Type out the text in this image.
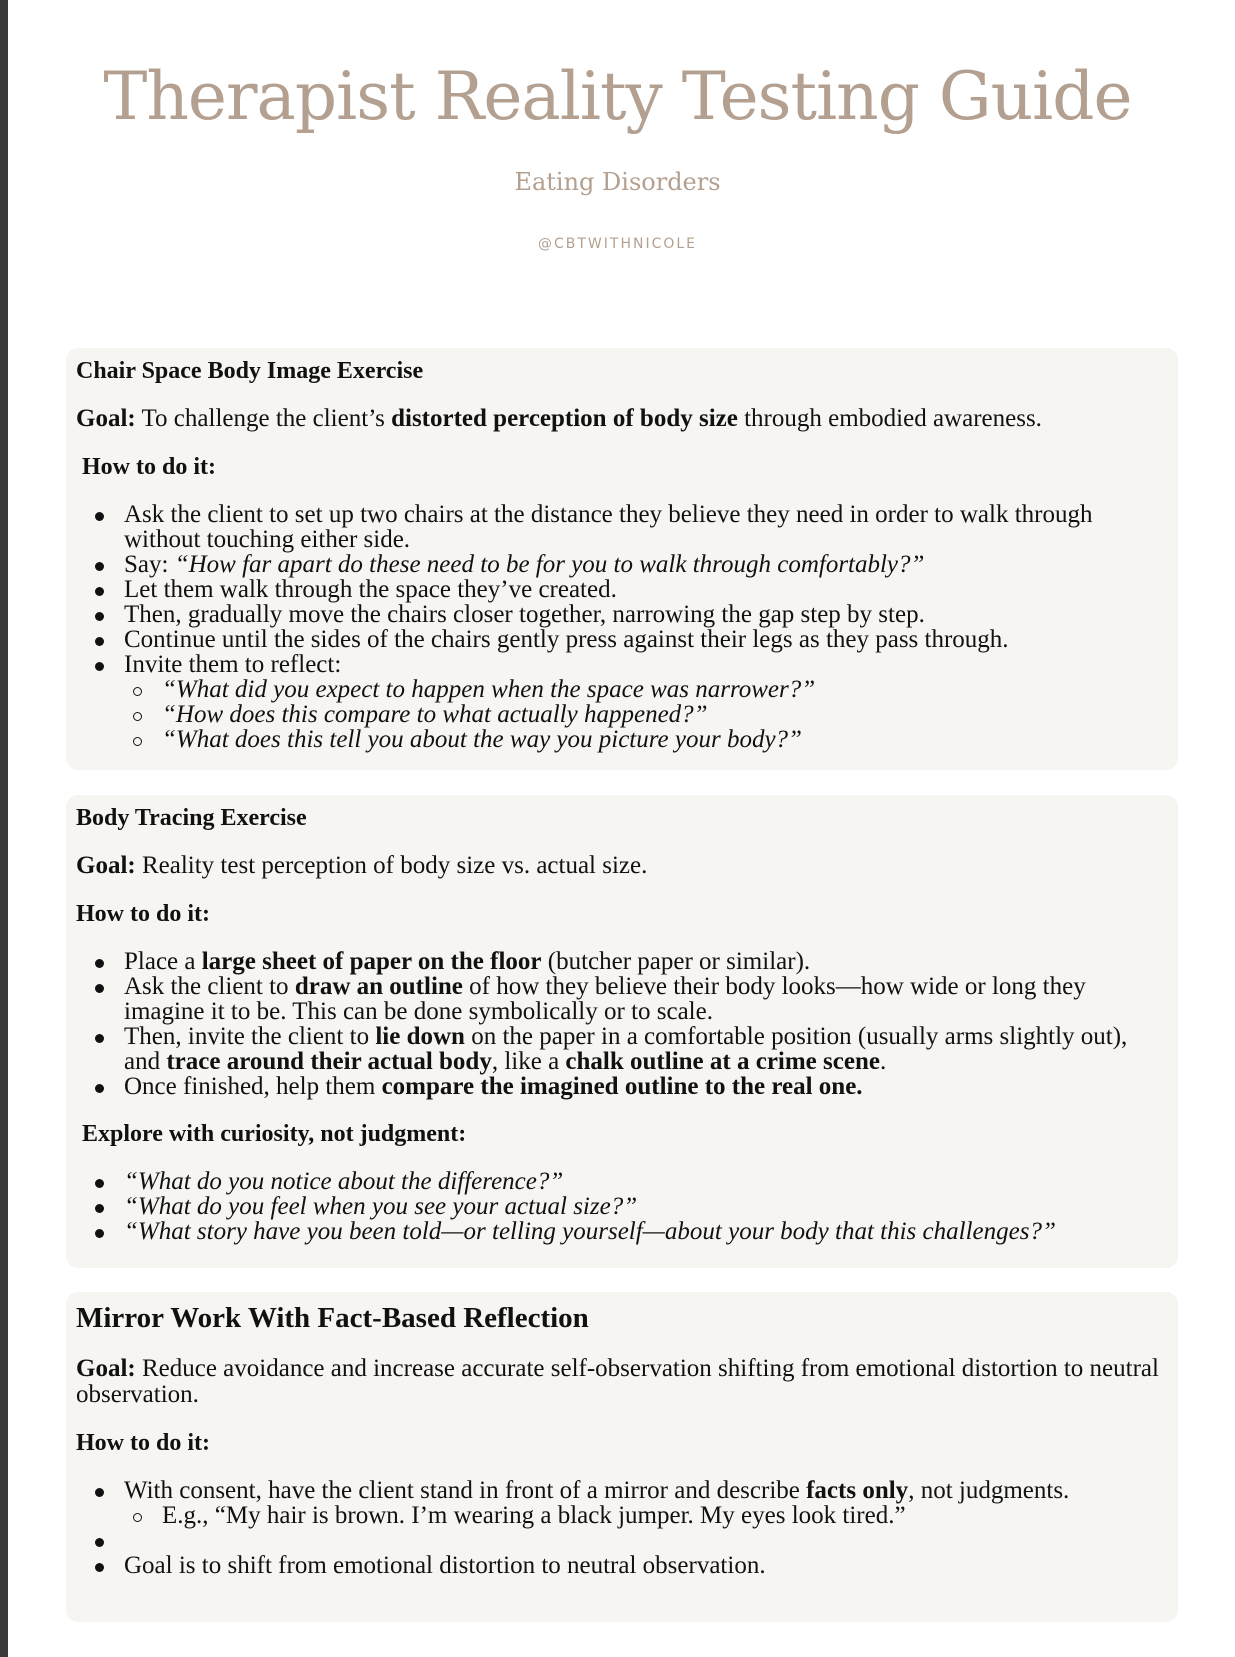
Therapist Reality Testing Guide
Eating Disorders
@CBTWITHNICOLE
Chair Space Body Image Exercise

Goal: To challenge the client’s distorted perception of body size through embodied awareness.

How to do it:

Ask the client to set up two chairs at the distance they believe they need in order to walk through without touching either side.
Say: “How far apart do these need to be for you to walk through comfortably?”
Let them walk through the space they’ve created.
Then, gradually move the chairs closer together, narrowing the gap step by step.
Continue until the sides of the chairs gently press against their legs as they pass through.
Invite them to reflect:
“What did you expect to happen when the space was narrower?”
“How does this compare to what actually happened?”
“What does this tell you about the way you picture your body?”
Body Tracing Exercise

Goal: Reality test perception of body size vs. actual size.

How to do it:

Place a large sheet of paper on the floor (butcher paper or similar).
Ask the client to draw an outline of how they believe their body looks—how wide or long they imagine it to be. This can be done symbolically or to scale.
Then, invite the client to lie down on the paper in a comfortable position (usually arms slightly out), and trace around their actual body, like a chalk outline at a crime scene.
Once finished, help them compare the imagined outline to the real one.

Explore with curiosity, not judgment:

“What do you notice about the difference?”
“What do you feel when you see your actual size?”
“What story have you been told—or telling yourself—about your body that this challenges?”
Mirror Work With Fact-Based Reflection

Goal: Reduce avoidance and increase accurate self-observation shifting from emotional distortion to neutral observation.

How to do it:

With consent, have the client stand in front of a mirror and describe facts only, not judgments.
E.g., “My hair is brown. I’m wearing a black jumper. My eyes look tired.”
Goal is to shift from emotional distortion to neutral observation.
